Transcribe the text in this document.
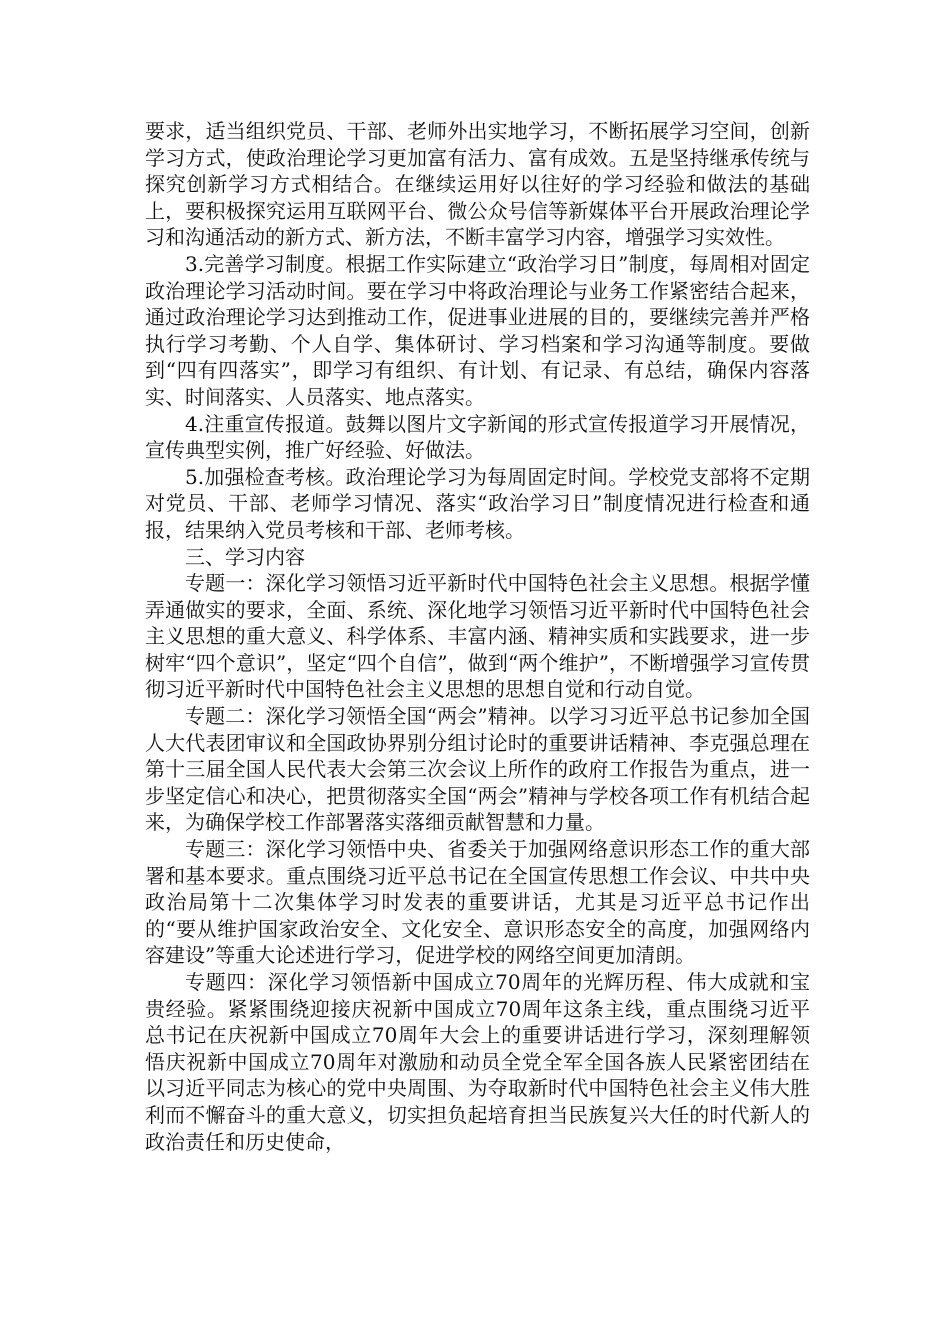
要求，适当组织党员、干部、老师外出实地学习，不断拓展学习空间，创新学习方式，使政治理论学习更加富有活力、富有成效。五是坚持继承传统与探究创新学习方式相结合。在继续运用好以往好的学习经验和做法的基础上，要积极探究运用互联网平台、微公众号信等新媒体平台开展政治理论学习和沟通活动的新方式、新方法，不断丰富学习内容，增强学习实效性。

3.完善学习制度。根据工作实际建立“政治学习日”制度，每周相对固定政治理论学习活动时间。要在学习中将政治理论与业务工作紧密结合起来，通过政治理论学习达到推动工作，促进事业进展的目的，要继续完善并严格执行学习考勤、个人自学、集体研讨、学习档案和学习沟通等制度。要做到“四有四落实”，即学习有组织、有计划、有记录、有总结，确保内容落实、时间落实、人员落实、地点落实。

4.注重宣传报道。鼓舞以图片文字新闻的形式宣传报道学习开展情况，宣传典型实例，推广好经验、好做法。

5.加强检查考核。政治理论学习为每周固定时间。学校党支部将不定期对党员、干部、老师学习情况、落实“政治学习日”制度情况进行检查和通报，结果纳入党员考核和干部、老师考核。

三、学习内容

专题一：深化学习领悟习近平新时代中国特色社会主义思想。根据学懂弄通做实的要求，全面、系统、深化地学习领悟习近平新时代中国特色社会主义思想的重大意义、科学体系、丰富内涵、精神实质和实践要求，进一步树牢“四个意识”，坚定“四个自信”，做到“两个维护”，不断增强学习宣传贯彻习近平新时代中国特色社会主义思想的思想自觉和行动自觉。

专题二：深化学习领悟全国“两会”精神。以学习习近平总书记参加全国人大代表团审议和全国政协界别分组讨论时的重要讲话精神、李克强总理在第十三届全国人民代表大会第三次会议上所作的政府工作报告为重点，进一步坚定信心和决心，把贯彻落实全国“两会”精神与学校各项工作有机结合起来，为确保学校工作部署落实落细贡献智慧和力量。

专题三：深化学习领悟中央、省委关于加强网络意识形态工作的重大部署和基本要求。重点围绕习近平总书记在全国宣传思想工作会议、中共中央政治局第十二次集体学习时发表的重要讲话，尤其是习近平总书记作出的“要从维护国家政治安全、文化安全、意识形态安全的高度，加强网络内容建设”等重大论述进行学习，促进学校的网络空间更加清朗。

专题四：深化学习领悟新中国成立70周年的光辉历程、伟大成就和宝贵经验。紧紧围绕迎接庆祝新中国成立70周年这条主线，重点围绕习近平总书记在庆祝新中国成立70周年大会上的重要讲话进行学习，深刻理解领悟庆祝新中国成立70周年对激励和动员全党全军全国各族人民紧密团结在以习近平同志为核心的党中央周围、为夺取新时代中国特色社会主义伟大胜利而不懈奋斗的重大意义，切实担负起培育担当民族复兴大任的时代新人的政治责任和历史使命，
